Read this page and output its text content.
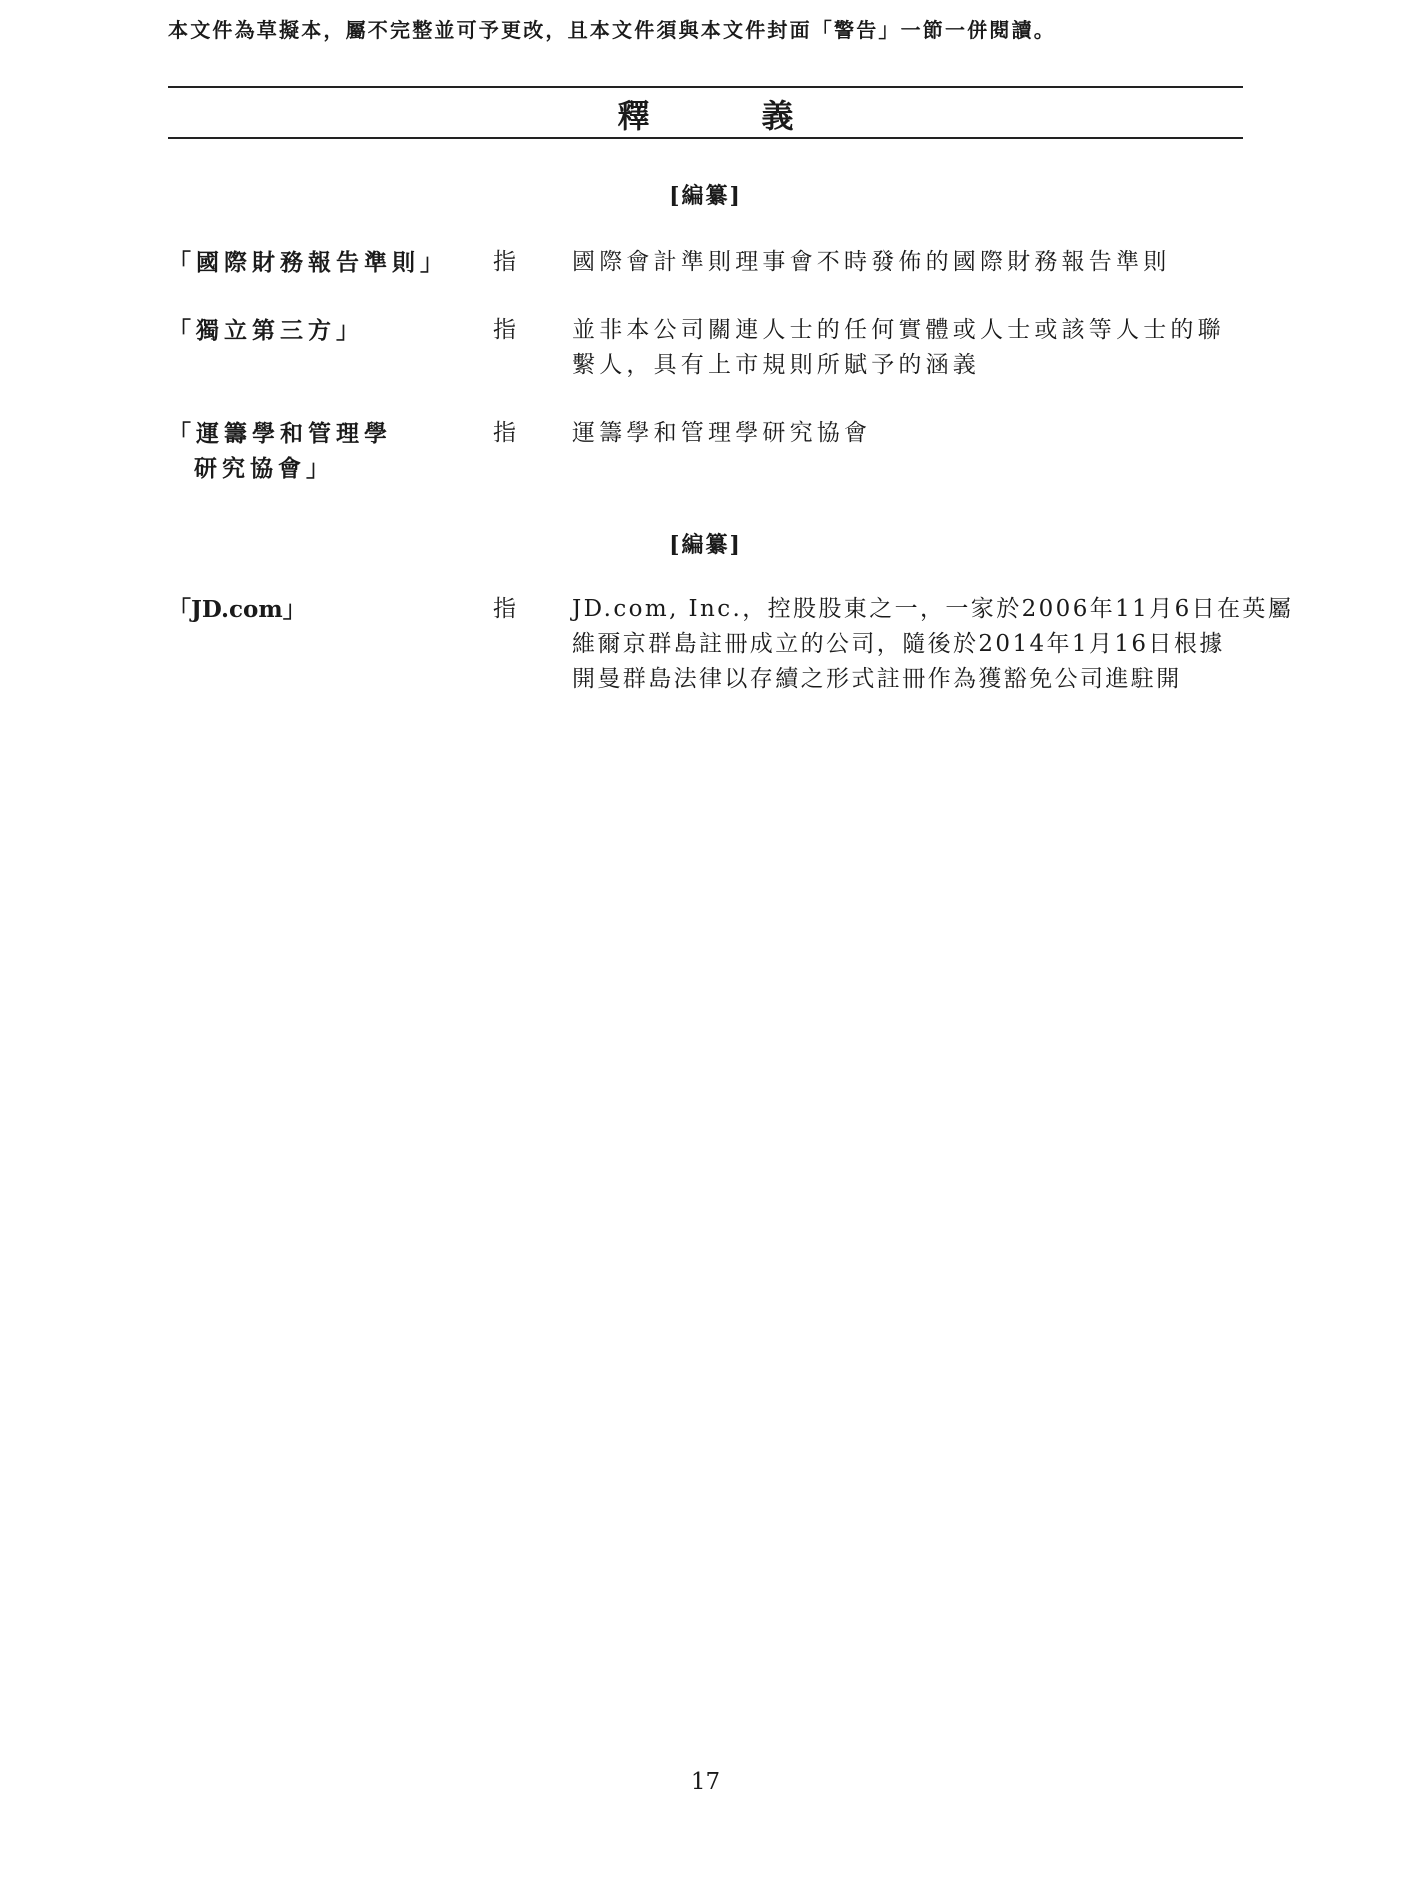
本文件為草擬本，屬不完整並可予更改，且本文件須與本文件封面「警告」一節一併閱讀。
釋　義
[編纂]
「國際財務報告準則」 指 國際會計準則理事會不時發佈的國際財務報告準則
「獨立第三方」	指 並非本公司關連人士的任何實體或人士或該等人士的聯
繫人，具有上市規則所賦予的涵義
「運籌學和管理學
研究協會」
指 運籌學和管理學研究協會
[編纂]
「JD.com」	指 JD.com, Inc.，控股股東之一，一家於2006年11月6日在英屬
維爾京群島註冊成立的公司，隨後於2014年1月16日根據
開曼群島法律以存續之形式註冊作為獲豁免公司進駐開
17
